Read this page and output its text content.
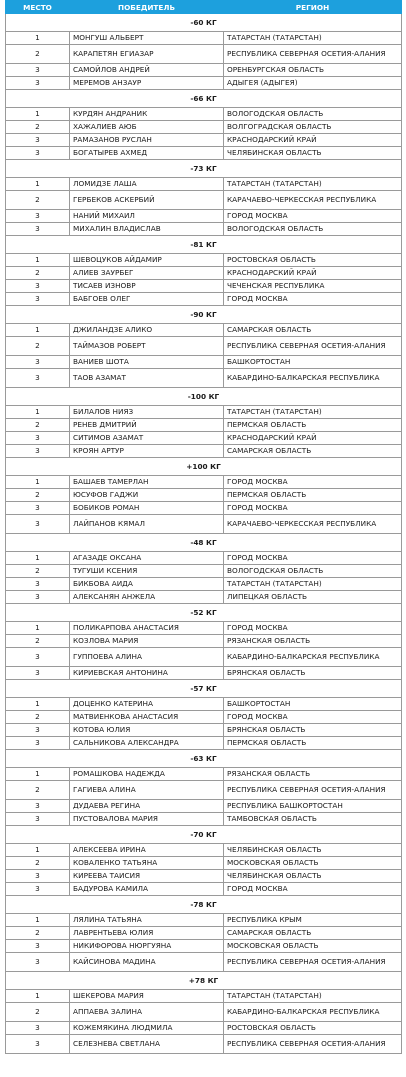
МЕСТО	ПОБЕДИТЕЛЬ	РЕГИОН
-60 КГ		
1	МОНГУШ АЛЬБЕРТ	ТАТАРСТАН (ТАТАРСТАН)
2	КАРАПЕТЯН ЕГИАЗАР	РЕСПУБЛИКА СЕВЕРНАЯ ОСЕТИЯ-АЛАНИЯ
3	САМОЙЛОВ АНДРЕЙ	ОРЕНБУРГСКАЯ ОБЛАСТЬ
3	МЕРЕМОВ АНЗАУР	АДЫГЕЯ (АДЫГЕЯ)
-66 КГ		
1	КУРДЯН АНДРАНИК	ВОЛОГОДСКАЯ ОБЛАСТЬ
2	ХАЖАЛИЕВ АЮБ	ВОЛГОГРАДСКАЯ ОБЛАСТЬ
3	РАМАЗАНОВ РУСЛАН	КРАСНОДАРСКИЙ КРАЙ
3	БОГАТЫРЕВ АХМЕД	ЧЕЛЯБИНСКАЯ ОБЛАСТЬ
-73 КГ		
1	ЛОМИДЗЕ ЛАША	ТАТАРСТАН (ТАТАРСТАН)
2	ГЕРБЕКОВ АСКЕРБИЙ	КАРАЧАЕВО-ЧЕРКЕССКАЯ РЕСПУБЛИКА
3	НАНИЙ МИХАИЛ	ГОРОД МОСКВА
3	МИХАЛИН ВЛАДИСЛАВ	ВОЛОГОДСКАЯ ОБЛАСТЬ
-81 КГ		
1	ШЕВОЦУКОВ АЙДАМИР	РОСТОВСКАЯ ОБЛАСТЬ
2	АЛИЕВ ЗАУРБЕГ	КРАСНОДАРСКИЙ КРАЙ
3	ТИСАЕВ ИЗНОВР	ЧЕЧЕНСКАЯ РЕСПУБЛИКА
3	БАБГОЕВ ОЛЕГ	ГОРОД МОСКВА
-90 КГ		
1	ДЖИЛАНДЗЕ АЛИКО	САМАРСКАЯ ОБЛАСТЬ
2	ТАЙМАЗОВ РОБЕРТ	РЕСПУБЛИКА СЕВЕРНАЯ ОСЕТИЯ-АЛАНИЯ
3	ВАНИЕВ ШОТА	БАШКОРТОСТАН
3	ТАОВ АЗАМАТ	КАБАРДИНО-БАЛКАРСКАЯ РЕСПУБЛИКА
-100 КГ		
1	БИЛАЛОВ НИЯЗ	ТАТАРСТАН (ТАТАРСТАН)
2	РЕНЕВ ДМИТРИЙ	ПЕРМСКАЯ ОБЛАСТЬ
3	СИТИМОВ АЗАМАТ	КРАСНОДАРСКИЙ КРАЙ
3	КРОЯН АРТУР	САМАРСКАЯ ОБЛАСТЬ
+100 КГ		
1	БАШАЕВ ТАМЕРЛАН	ГОРОД МОСКВА
2	ЮСУФОВ ГАДЖИ	ПЕРМСКАЯ ОБЛАСТЬ
3	БОБИКОВ РОМАН	ГОРОД МОСКВА
3	ЛАЙПАНОВ КЯМАЛ	КАРАЧАЕВО-ЧЕРКЕССКАЯ РЕСПУБЛИКА
-48 КГ		
1	АГАЗАДЕ ОКСАНА	ГОРОД МОСКВА
2	ТУГУШИ КСЕНИЯ	ВОЛОГОДСКАЯ ОБЛАСТЬ
3	БИКБОВА АИДА	ТАТАРСТАН (ТАТАРСТАН)
3	АЛЕКСАНЯН АНЖЕЛА	ЛИПЕЦКАЯ ОБЛАСТЬ
-52 КГ		
1	ПОЛИКАРПОВА АНАСТАСИЯ	ГОРОД МОСКВА
2	КОЗЛОВА МАРИЯ	РЯЗАНСКАЯ ОБЛАСТЬ
3	ГУППОЕВА АЛИНА	КАБАРДИНО-БАЛКАРСКАЯ РЕСПУБЛИКА
3	КИРИЕВСКАЯ АНТОНИНА	БРЯНСКАЯ ОБЛАСТЬ
-57 КГ		
1	ДОЦЕНКО КАТЕРИНА	БАШКОРТОСТАН
2	МАТВИЕНКОВА АНАСТАСИЯ	ГОРОД МОСКВА
3	КОТОВА ЮЛИЯ	БРЯНСКАЯ ОБЛАСТЬ
3	САЛЬНИКОВА АЛЕКСАНДРА	ПЕРМСКАЯ ОБЛАСТЬ
-63 КГ		
1	РОМАШКОВА НАДЕЖДА	РЯЗАНСКАЯ ОБЛАСТЬ
2	ГАГИЕВА АЛИНА	РЕСПУБЛИКА СЕВЕРНАЯ ОСЕТИЯ-АЛАНИЯ
3	ДУДАЕВА РЕГИНА	РЕСПУБЛИКА БАШКОРТОСТАН
3	ПУСТОВАЛОВА МАРИЯ	ТАМБОВСКАЯ ОБЛАСТЬ
-70 КГ		
1	АЛЕКСЕЕВА ИРИНА	ЧЕЛЯБИНСКАЯ ОБЛАСТЬ
2	КОВАЛЕНКО ТАТЬЯНА	МОСКОВСКАЯ ОБЛАСТЬ
3	КИРЕЕВА ТАИСИЯ	ЧЕЛЯБИНСКАЯ ОБЛАСТЬ
3	БАДУРОВА КАМИЛА	ГОРОД МОСКВА
-78 КГ		
1	ЛЯЛИНА ТАТЬЯНА	РЕСПУБЛИКА КРЫМ
2	ЛАВРЕНТЬЕВА ЮЛИЯ	САМАРСКАЯ ОБЛАСТЬ
3	НИКИФОРОВА НЮРГУЯНА	МОСКОВСКАЯ ОБЛАСТЬ
3	КАЙСИНОВА МАДИНА	РЕСПУБЛИКА СЕВЕРНАЯ ОСЕТИЯ-АЛАНИЯ
+78 КГ		
1	ШЕКЕРОВА МАРИЯ	ТАТАРСТАН (ТАТАРСТАН)
2	АППАЕВА ЗАЛИНА	КАБАРДИНО-БАЛКАРСКАЯ РЕСПУБЛИКА
3	КОЖЕМЯКИНА ЛЮДМИЛА	РОСТОВСКАЯ ОБЛАСТЬ
3	СЕЛЕЗНЕВА СВЕТЛАНА	РЕСПУБЛИКА СЕВЕРНАЯ ОСЕТИЯ-АЛАНИЯ
